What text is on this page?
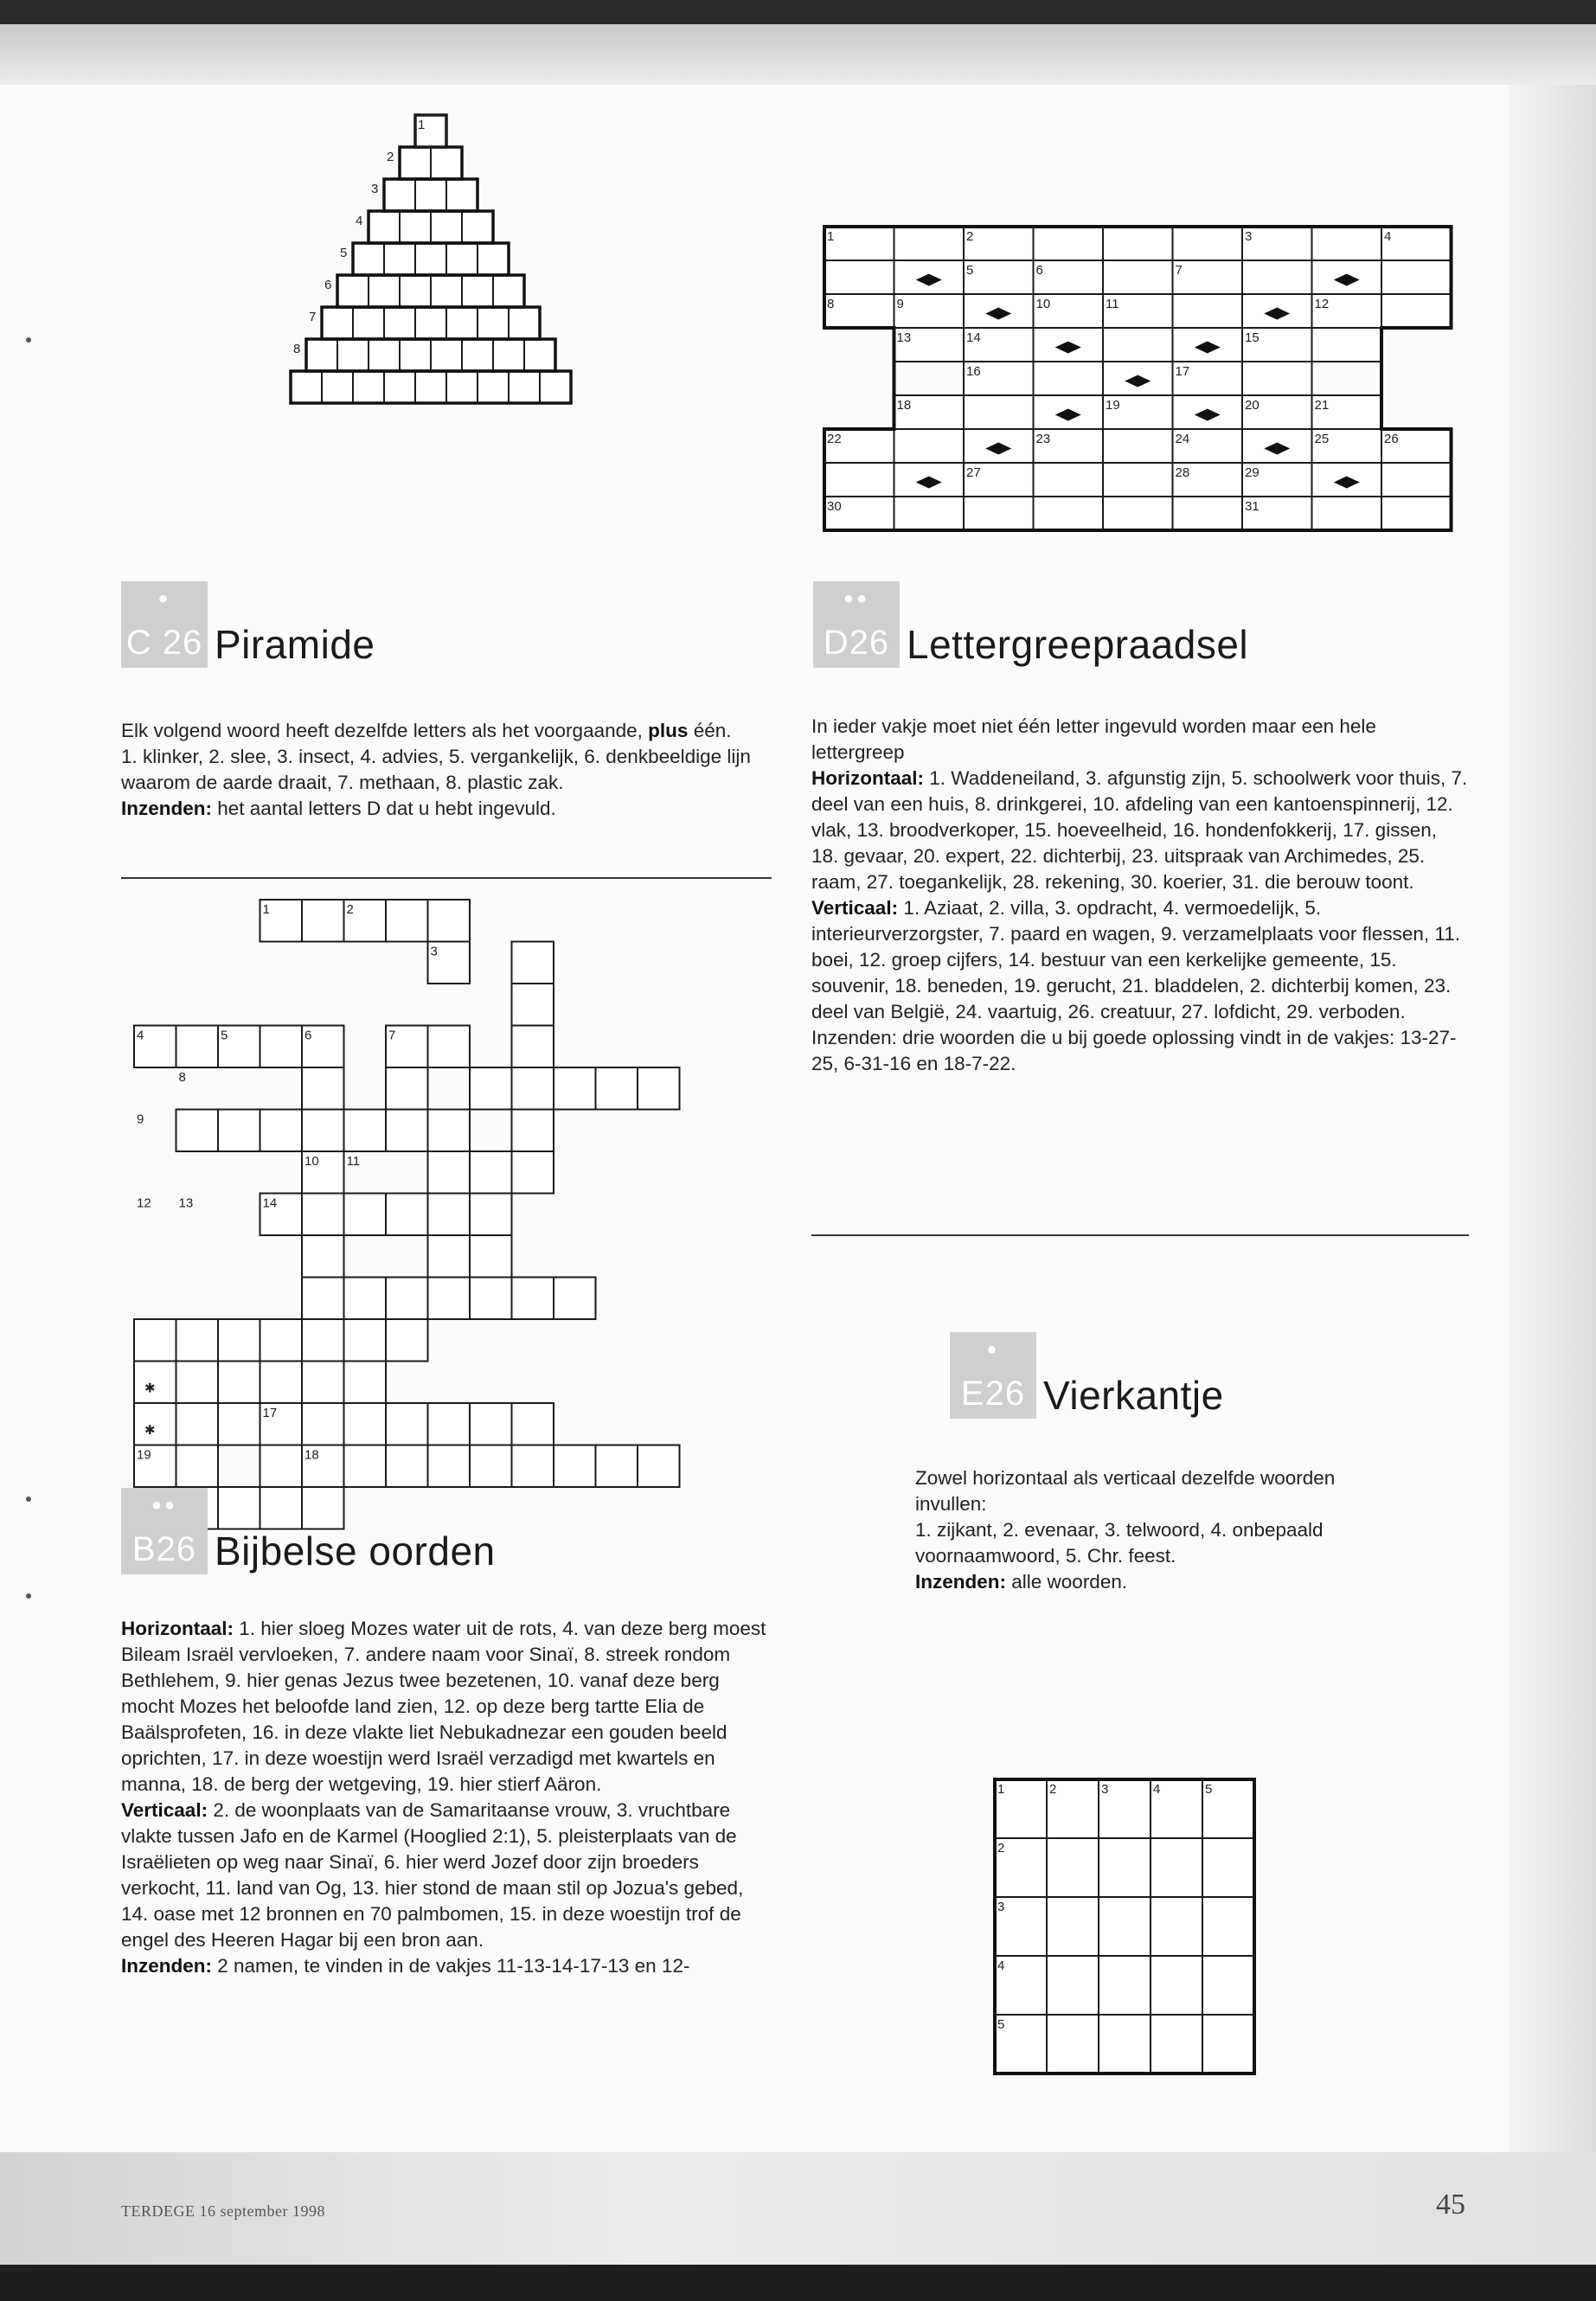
1
2
3
4
5
6
7
8
1	2	3	4
5	6	7
8	9	10	11	12
13	14	15
16	17
18	19	20	21
22	23	24	25	26
27	28	29
30	31
1	2
3
4	5	6	7
8
9
10 11
12 13	14
17
18
19
✱
✱
1	2	3	4	5
2
3
4
5
●
C 26 Piramide

Elk volgend woord heeft dezelfde letters als het voorgaande, plus één.

1. klinker, 2. slee, 3. insect, 4. advies, 5. vergankelijk, 6. denkbeeldige lijn waarom de aarde draait, 7. methaan, 8. plastic zak.

Inzenden: het aantal letters D dat u hebt ingevuld.

●●
D26 Lettergreepraadsel

In ieder vakje moet niet één letter ingevuld worden maar een hele lettergreep

Horizontaal: 1. Waddeneiland, 3. afgunstig zijn, 5. schoolwerk voor thuis, 7. deel van een huis, 8. drinkgerei, 10. afdeling van een kantoenspinnerij, 12. vlak, 13. broodverkoper, 15. hoeveelheid, 16. hondenfokkerij, 17. gissen, 18. gevaar, 20. expert, 22. dichterbij, 23. uitspraak van Archimedes, 25. raam, 27. toegankelijk, 28. rekening, 30. koerier, 31. die berouw toont.

Verticaal: 1. Aziaat, 2. villa, 3. opdracht, 4. vermoedelijk, 5. interieurverzorgster, 7. paard en wagen, 9. verzamelplaats voor flessen, 11. boei, 12. groep cijfers, 14. bestuur van een kerkelijke gemeente, 15. souvenir, 18. beneden, 19. gerucht, 21. bladdelen, 2. dichterbij komen, 23. deel van België, 24. vaartuig, 26. creatuur, 27. lofdicht, 29. verboden.

Inzenden: drie woorden die u bij goede oplossing vindt in de vakjes: 13-27-25, 6-31-16 en 18-7-22.

●
E26 Vierkantje

Zowel horizontaal als verticaal dezelfde woorden invullen:

1. zijkant, 2. evenaar, 3. telwoord, 4. onbepaald voornaamwoord, 5. Chr. feest.

Inzenden: alle woorden.

●●
B26 Bijbelse oorden

Horizontaal: 1. hier sloeg Mozes water uit de rots, 4. van deze berg moest Bileam Israël vervloeken, 7. andere naam voor Sinaï, 8. streek rondom Bethlehem, 9. hier genas Jezus twee bezetenen, 10. vanaf deze berg mocht Mozes het beloofde land zien, 12. op deze berg tartte Elia de Baälsprofeten, 16. in deze vlakte liet Nebukadnezar een gouden beeld oprichten, 17. in deze woestijn werd Israël verzadigd met kwartels en manna, 18. de berg der wetgeving, 19. hier stierf Aäron.

Verticaal: 2. de woonplaats van de Samaritaanse vrouw, 3. vruchtbare vlakte tussen Jafo en de Karmel (Hooglied 2:1), 5. pleisterplaats van de Israëlieten op weg naar Sinaï, 6. hier werd Jozef door zijn broeders verkocht, 11. land van Og, 13. hier stond de maan stil op Jozua's gebed, 14. oase met 12 bronnen en 70 palmbomen, 15. in deze woestijn trof de engel des Heeren Hagar bij een bron aan.

Inzenden: 2 namen, te vinden in de vakjes 11-13-14-17-13 en 12-

TERDEGE 16 september 1998	45
